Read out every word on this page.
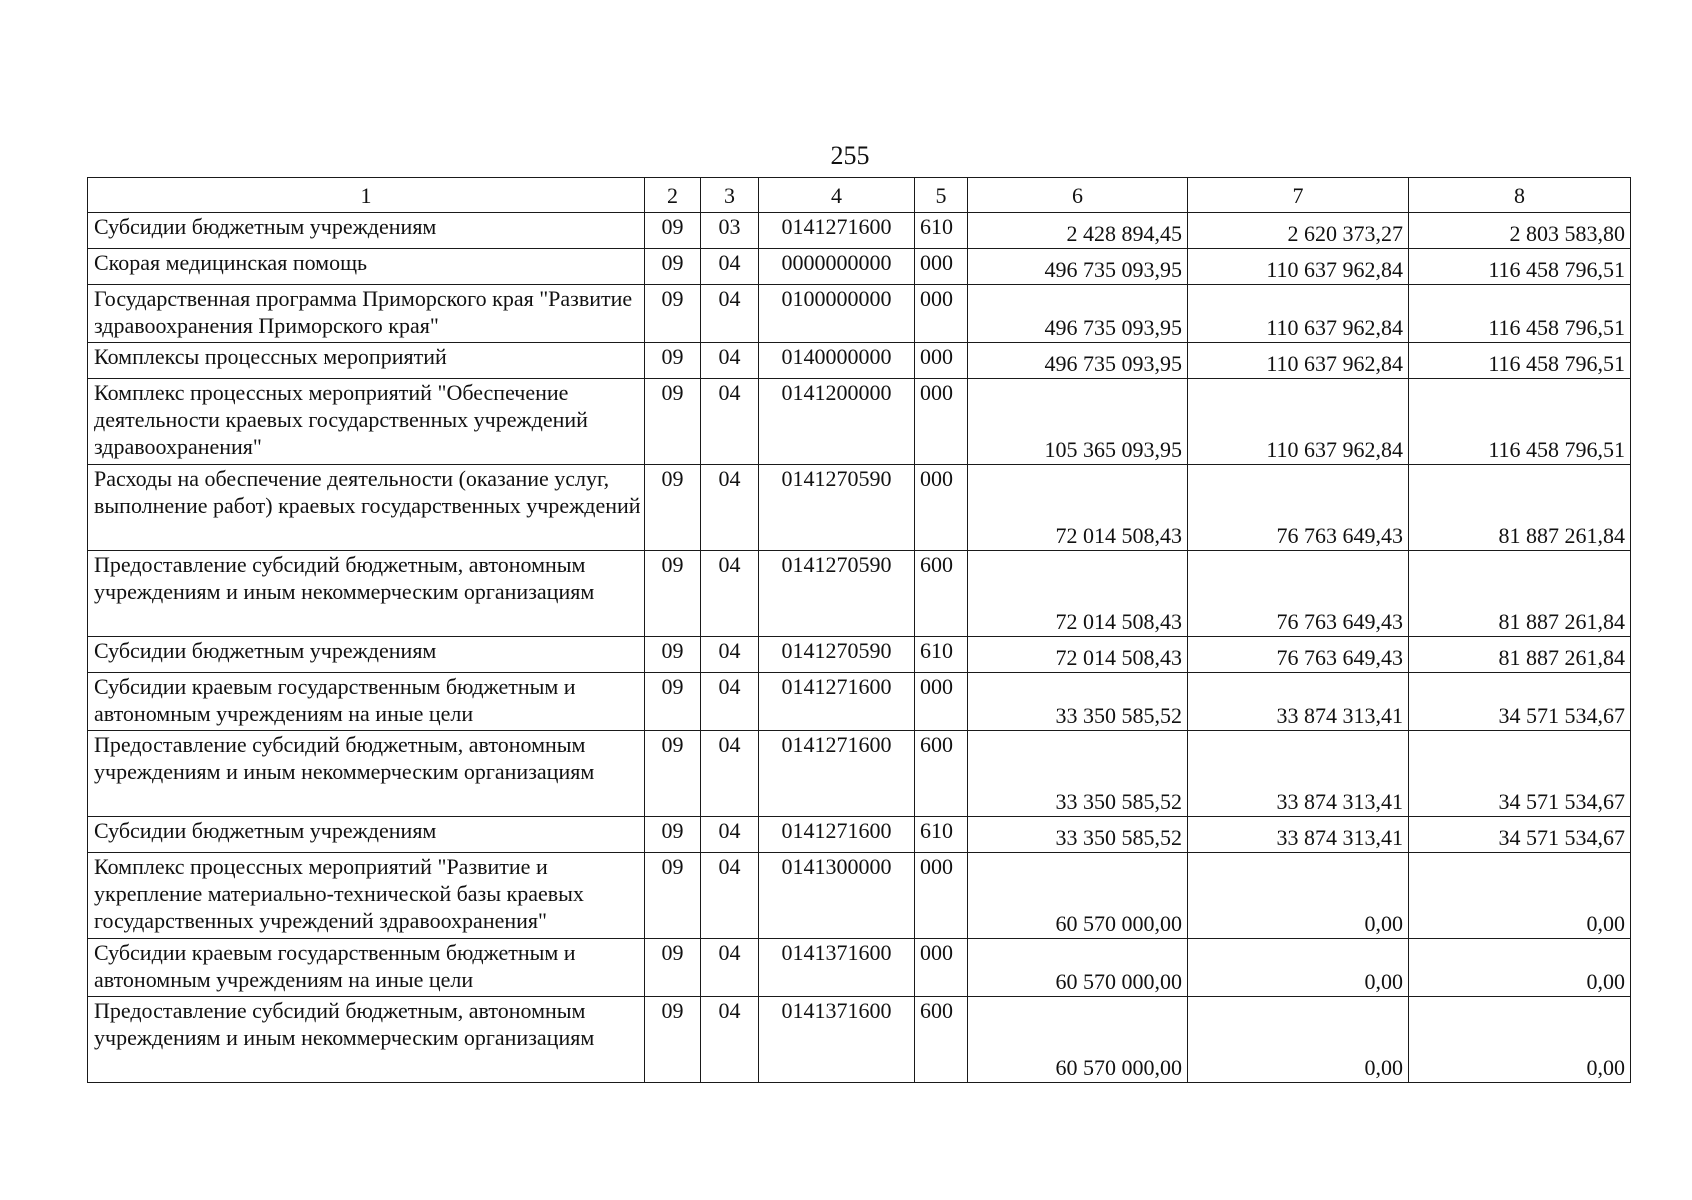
255
1	2	3	4	5	6	7	8
Субсидии бюджетным учреждениям	09	03	0141271600	610	2 428 894,45	2 620 373,27	2 803 583,80
Скорая медицинская помощь	09	04	0000000000	000	496 735 093,95	110 637 962,84	116 458 796,51
Государственная программа Приморского края "Развитие здравоохранения Приморского края"	09	04	0100000000	000	496 735 093,95	110 637 962,84	116 458 796,51
Комплексы процессных мероприятий	09	04	0140000000	000	496 735 093,95	110 637 962,84	116 458 796,51
Комплекс процессных мероприятий "Обеспечение деятельности краевых государственных учреждений здравоохранения"	09	04	0141200000	000	105 365 093,95	110 637 962,84	116 458 796,51
Расходы на обеспечение деятельности (оказание услуг, выполнение работ) краевых государственных учреждений	09	04	0141270590	000	72 014 508,43	76 763 649,43	81 887 261,84
Предоставление субсидий бюджетным, автономным учреждениям и иным некоммерческим организациям	09	04	0141270590	600	72 014 508,43	76 763 649,43	81 887 261,84
Субсидии бюджетным учреждениям	09	04	0141270590	610	72 014 508,43	76 763 649,43	81 887 261,84
Субсидии краевым государственным бюджетным и автономным учреждениям на иные цели	09	04	0141271600	000	33 350 585,52	33 874 313,41	34 571 534,67
Предоставление субсидий бюджетным, автономным учреждениям и иным некоммерческим организациям	09	04	0141271600	600	33 350 585,52	33 874 313,41	34 571 534,67
Субсидии бюджетным учреждениям	09	04	0141271600	610	33 350 585,52	33 874 313,41	34 571 534,67
Комплекс процессных мероприятий "Развитие и укрепление материально-технической базы краевых государственных учреждений здравоохранения"	09	04	0141300000	000	60 570 000,00	0,00	0,00
Субсидии краевым государственным бюджетным и автономным учреждениям на иные цели	09	04	0141371600	000	60 570 000,00	0,00	0,00
Предоставление субсидий бюджетным, автономным учреждениям и иным некоммерческим организациям	09	04	0141371600	600	60 570 000,00	0,00	0,00
